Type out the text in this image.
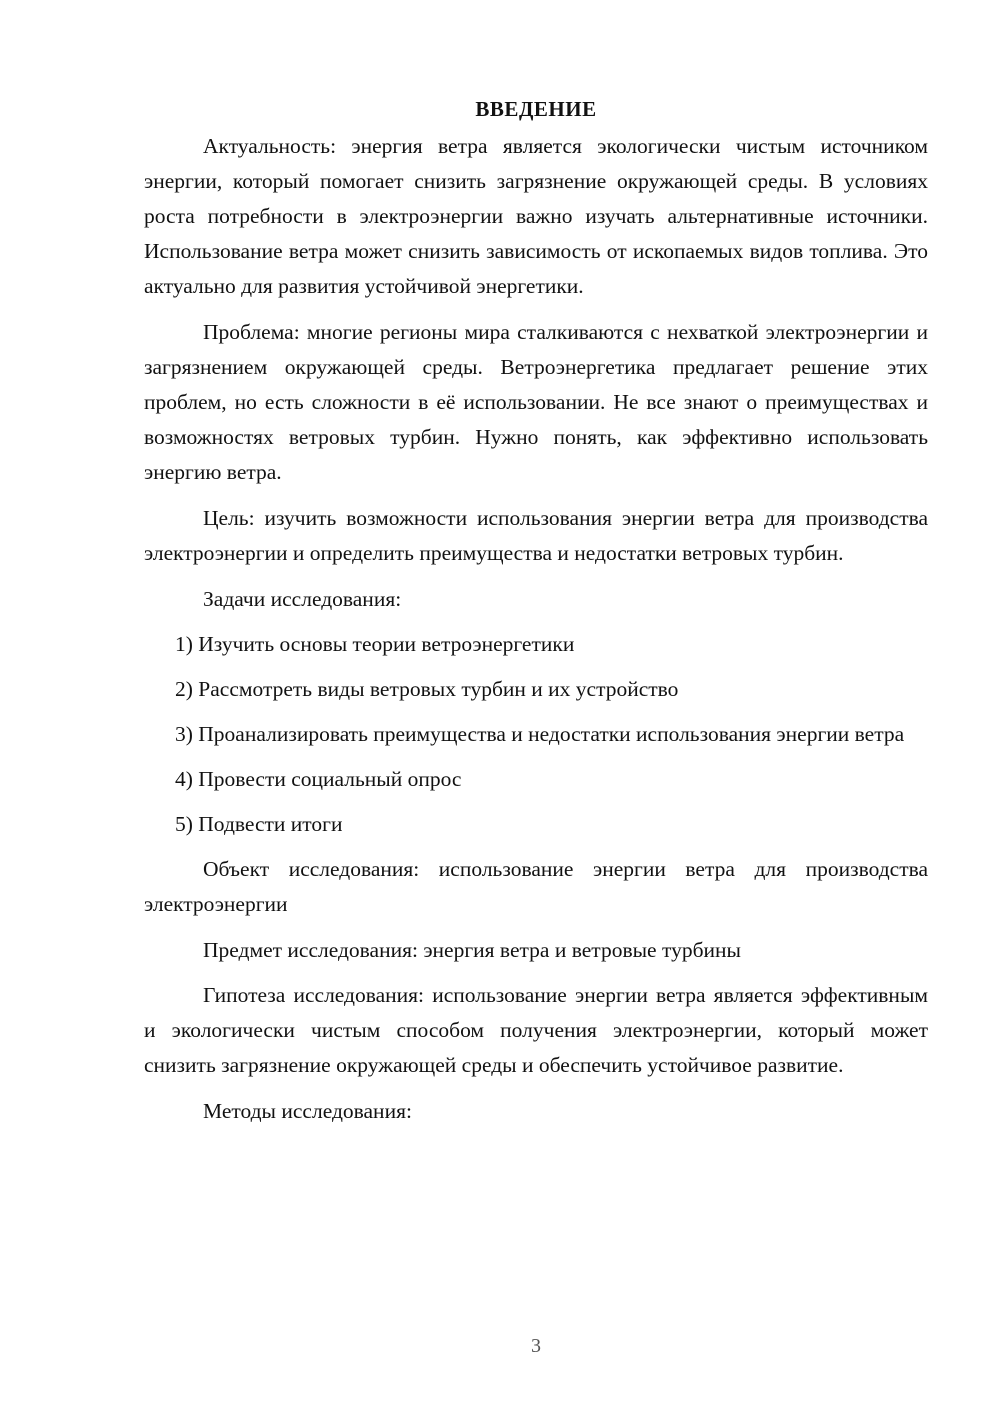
ВВЕДЕНИЕ

Актуальность: энергия ветра является экологически чистым источником энергии, который помогает снизить загрязнение окружающей среды. В условиях роста потребности в электроэнергии важно изучать альтернативные источники. Использование ветра может снизить зависимость от ископаемых видов топлива. Это актуально для развития устойчивой энергетики.

Проблема: многие регионы мира сталкиваются с нехваткой электроэнергии и загрязнением окружающей среды. Ветроэнергетика предлагает решение этих проблем, но есть сложности в её использовании. Не все знают о преимуществах и возможностях ветровых турбин. Нужно понять, как эффективно использовать энергию ветра.

Цель: изучить возможности использования энергии ветра для производства электроэнергии и определить преимущества и недостатки ветровых турбин.

Задачи исследования:

1) Изучить основы теории ветроэнергетики

2) Рассмотреть виды ветровых турбин и их устройство

3) Проанализировать преимущества и недостатки использования энергии ветра

4) Провести социальный опрос

5) Подвести итоги

Объект исследования: использование энергии ветра для производства электроэнергии

Предмет исследования: энергия ветра и ветровые турбины

Гипотеза исследования: использование энергии ветра является эффективным и экологически чистым способом получения электроэнергии, который может снизить загрязнение окружающей среды и обеспечить устойчивое развитие.

Методы исследования:

3
